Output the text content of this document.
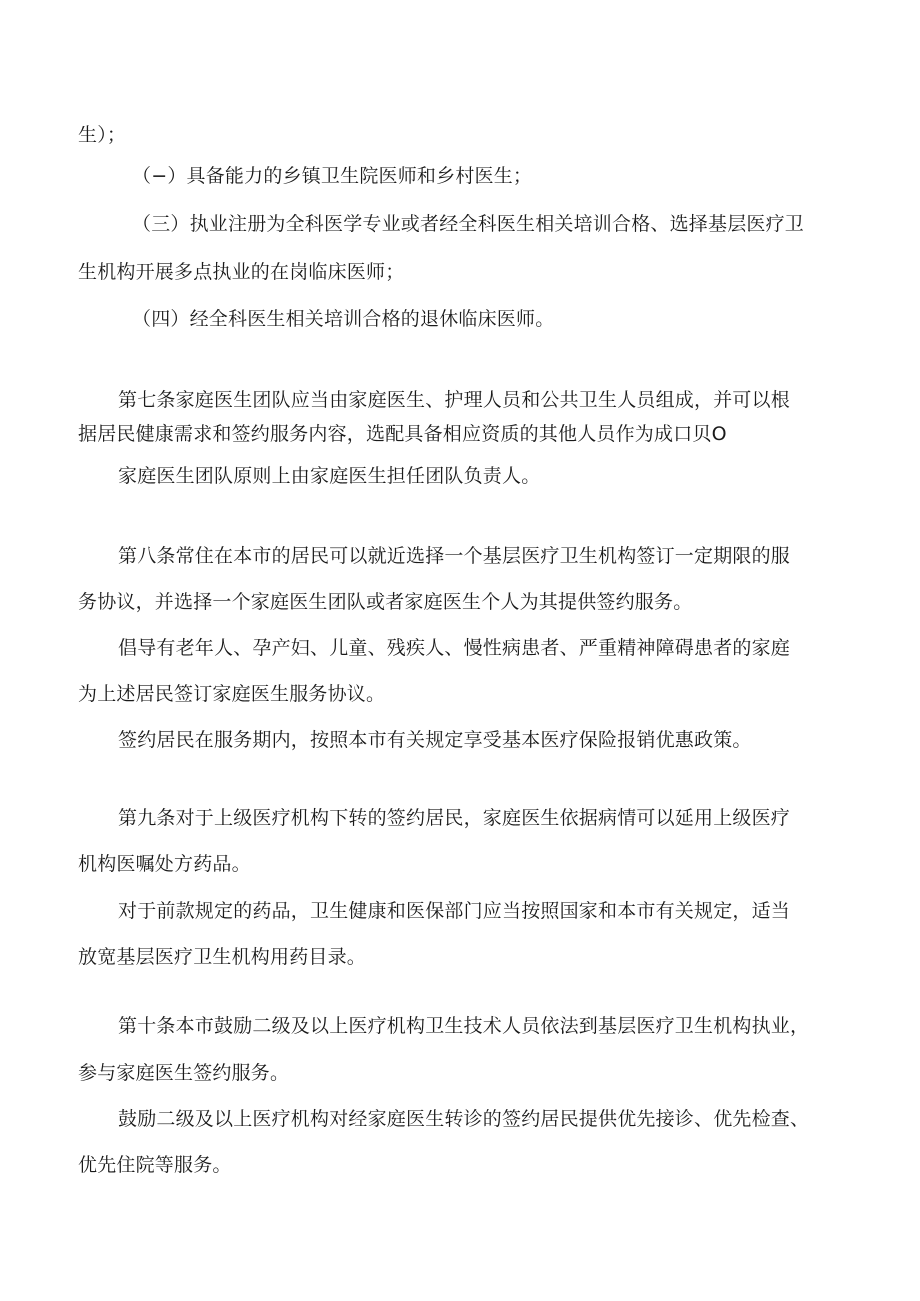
生）；

（−）具备能力的乡镇卫生院医师和乡村医生；

（三）执业注册为全科医学专业或者经全科医生相关培训合格、选择基层医疗卫

生机构开展多点执业的在岗临床医师；

（四）经全科医生相关培训合格的退休临床医师。

第七条家庭医生团队应当由家庭医生、护理人员和公共卫生人员组成，并可以根

据居民健康需求和签约服务内容，选配具备相应资质的其他人员作为成口贝O

家庭医生团队原则上由家庭医生担任团队负责人。

第八条常住在本市的居民可以就近选择一个基层医疗卫生机构签订一定期限的服

务协议，并选择一个家庭医生团队或者家庭医生个人为其提供签约服务。

倡导有老年人、孕产妇、儿童、残疾人、慢性病患者、严重精神障碍患者的家庭

为上述居民签订家庭医生服务协议。

签约居民在服务期内，按照本市有关规定享受基本医疗保险报销优惠政策。

第九条对于上级医疗机构下转的签约居民，家庭医生依据病情可以延用上级医疗

机构医嘱处方药品。

对于前款规定的药品，卫生健康和医保部门应当按照国家和本市有关规定，适当

放宽基层医疗卫生机构用药目录。

第十条本市鼓励二级及以上医疗机构卫生技术人员依法到基层医疗卫生机构执业，

参与家庭医生签约服务。

鼓励二级及以上医疗机构对经家庭医生转诊的签约居民提供优先接诊、优先检查、

优先住院等服务。
